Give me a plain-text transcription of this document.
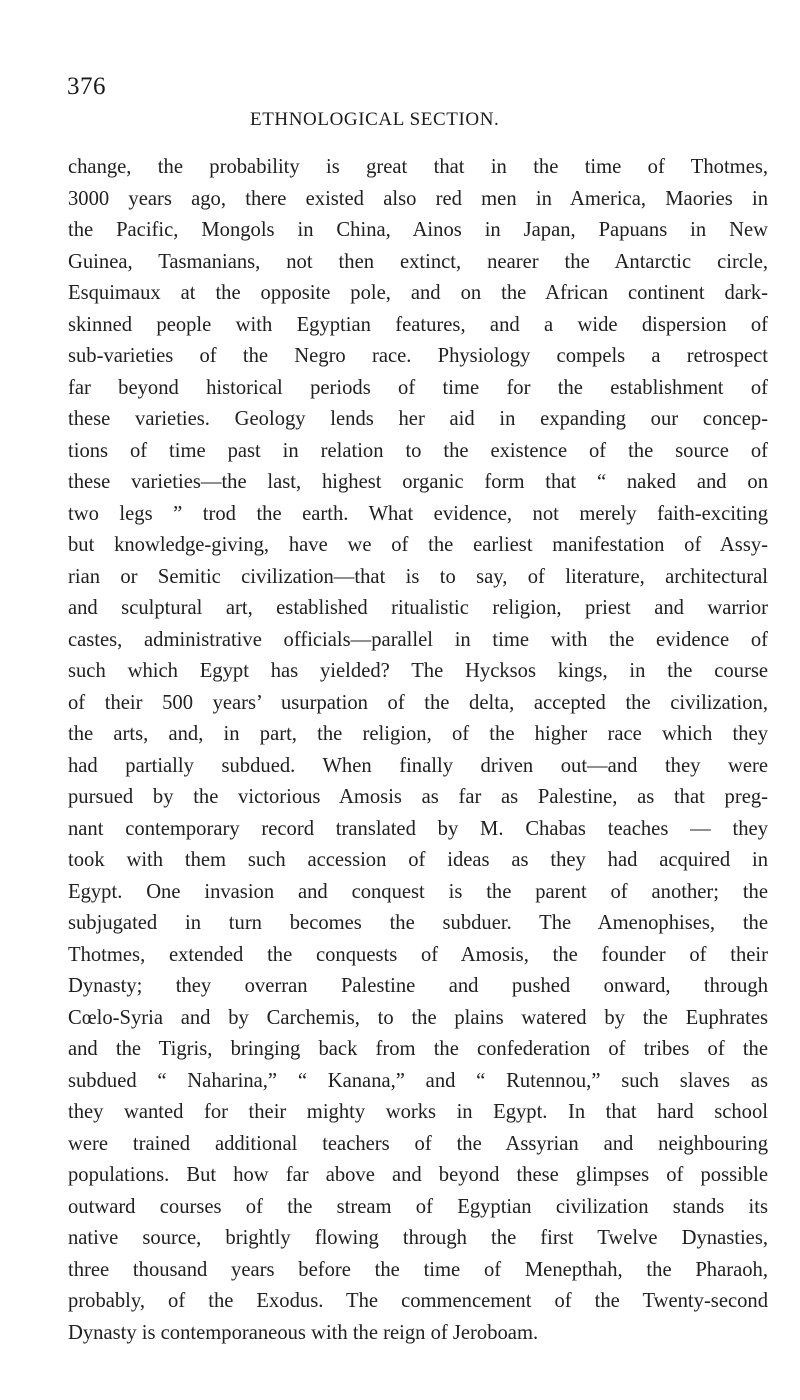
376
ETHNOLOGICAL SECTION.
change, the probability is great that in the time of Thotmes,
3000 years ago, there existed also red men in America, Maories in
the Pacific, Mongols in China, Ainos in Japan, Papuans in New
Guinea, Tasmanians, not then extinct, nearer the Antarctic circle,
Esquimaux at the opposite pole, and on the African continent dark-
skinned people with Egyptian features, and a wide dispersion of
sub-varieties of the Negro race. Physiology compels a retrospect
far beyond historical periods of time for the establishment of
these varieties. Geology lends her aid in expanding our concep-
tions of time past in relation to the existence of the source of
these varieties—the last, highest organic form that “ naked and on
two legs ” trod the earth. What evidence, not merely faith-exciting
but knowledge-giving, have we of the earliest manifestation of Assy-
rian or Semitic civilization—that is to say, of literature, architectural
and sculptural art, established ritualistic religion, priest and warrior
castes, administrative officials—parallel in time with the evidence of
such which Egypt has yielded? The Hycksos kings, in the course
of their 500 years’ usurpation of the delta, accepted the civilization,
the arts, and, in part, the religion, of the higher race which they
had partially subdued. When finally driven out—and they were
pursued by the victorious Amosis as far as Palestine, as that preg-
nant contemporary record translated by M. Chabas teaches — they
took with them such accession of ideas as they had acquired in
Egypt. One invasion and conquest is the parent of another; the
subjugated in turn becomes the subduer. The Amenophises, the
Thotmes, extended the conquests of Amosis, the founder of their
Dynasty; they overran Palestine and pushed onward, through
Cœlo-Syria and by Carchemis, to the plains watered by the Euphrates
and the Tigris, bringing back from the confederation of tribes of the
subdued “ Naharina,” “ Kanana,” and “ Rutennou,” such slaves as
they wanted for their mighty works in Egypt. In that hard school
were trained additional teachers of the Assyrian and neighbouring
populations. But how far above and beyond these glimpses of possible
outward courses of the stream of Egyptian civilization stands its
native source, brightly flowing through the first Twelve Dynasties,
three thousand years before the time of Menepthah, the Pharaoh,
probably, of the Exodus. The commencement of the Twenty-second
Dynasty is contemporaneous with the reign of Jeroboam.
